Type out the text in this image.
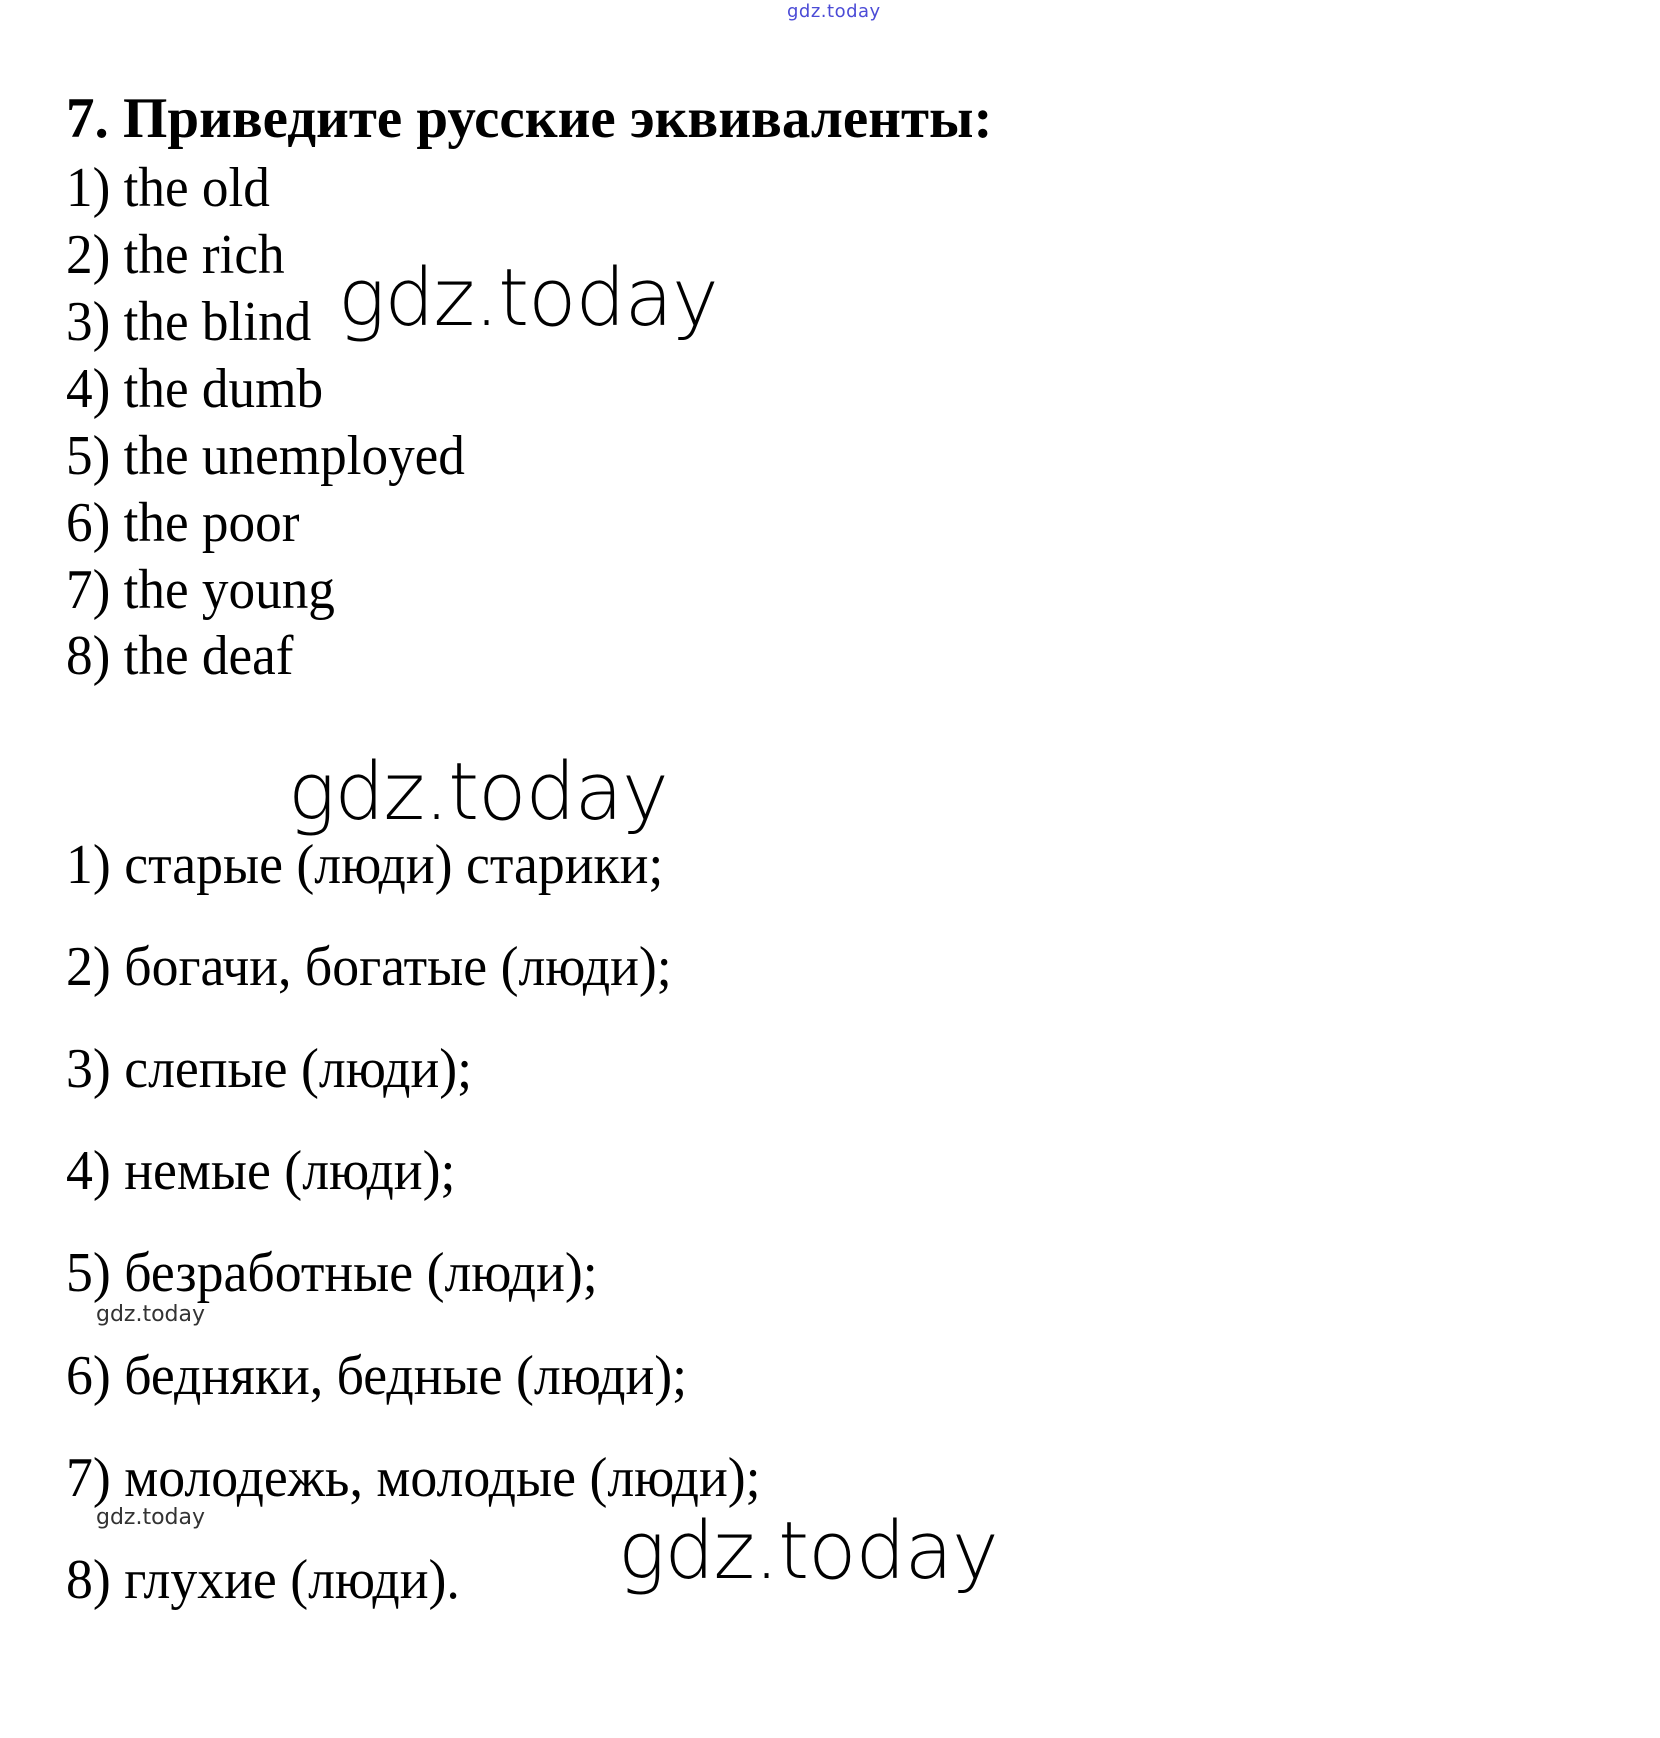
gdz.today
7. Приведите русские эквиваленты:
1) the old
2) the rich
3) the blind
4) the dumb
5) the unemployed
6) the poor
7) the young
8) the deaf
gdz.today
gdz.today
gdz.today
1) старые (люди) старики;
2) богачи, богатые (люди);
3) слепые (люди);
4) немые (люди);
5) безработные (люди);
6) бедняки, бедные (люди);
7) молодежь, молодые (люди);
8) глухие (люди).
gdz.today
gdz.today
